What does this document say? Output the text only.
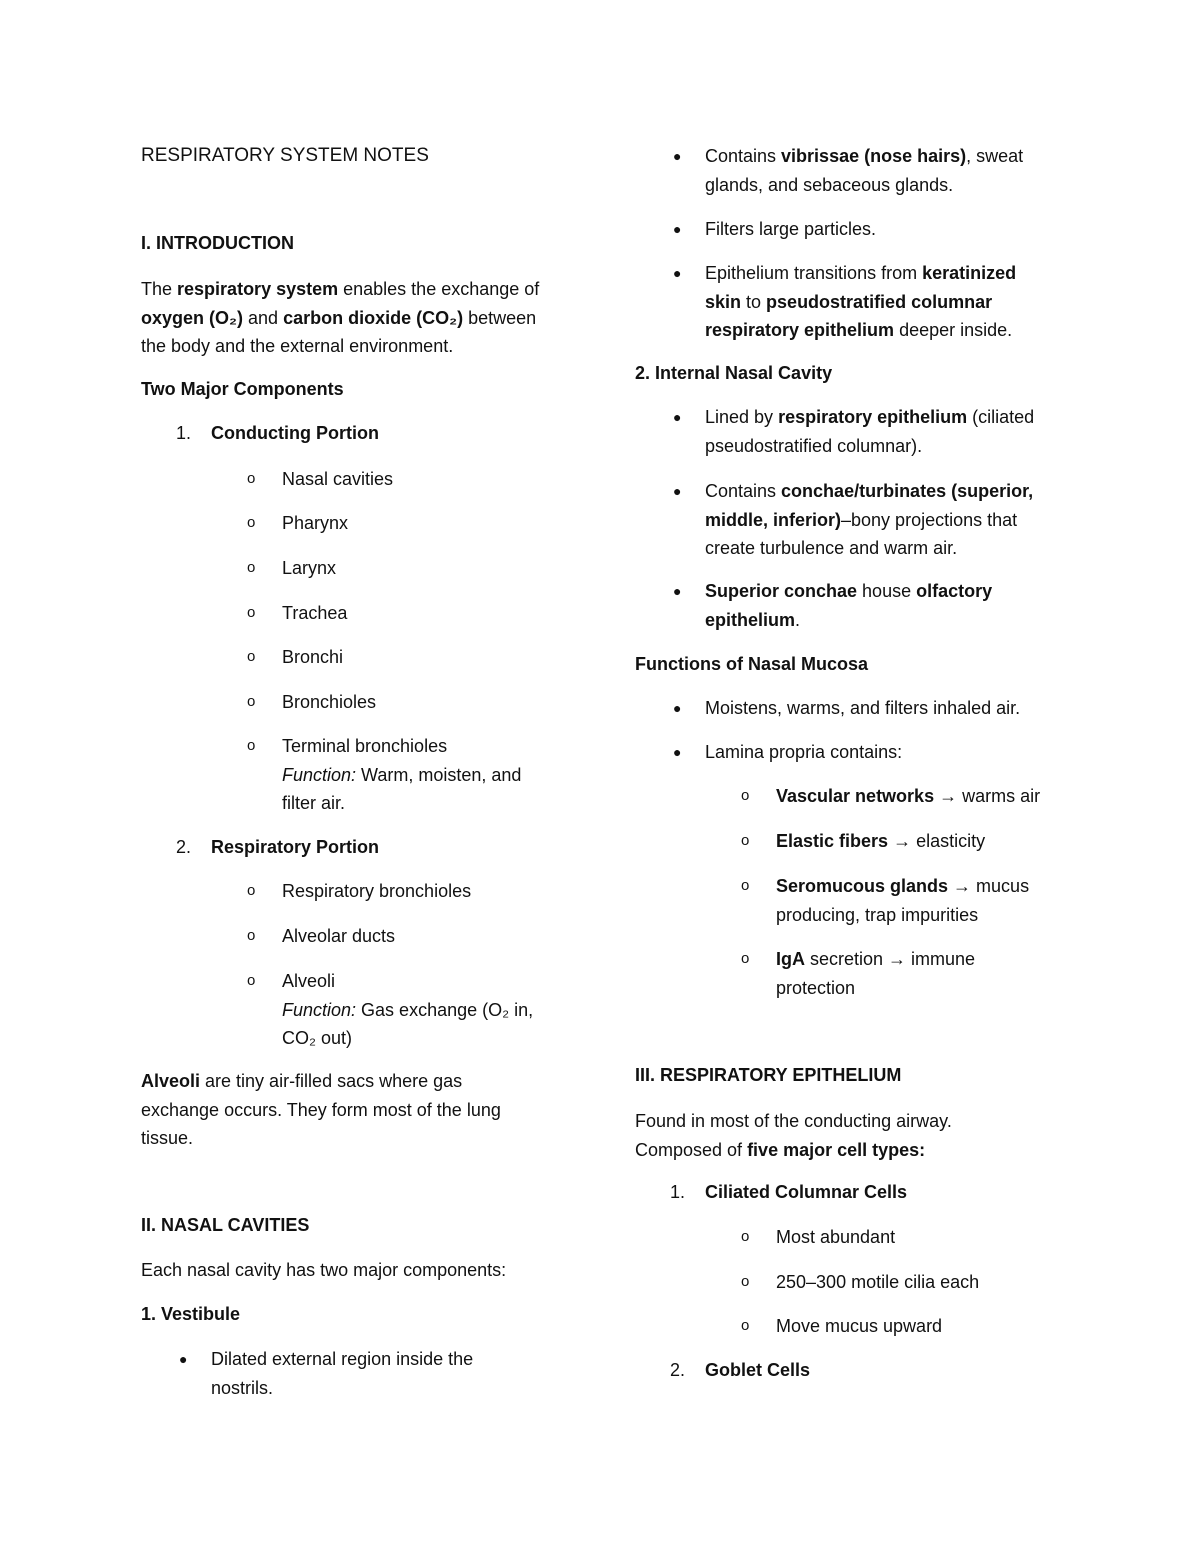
RESPIRATORY SYSTEM NOTES
I. INTRODUCTION
The respiratory system enables the exchange of
oxygen (O₂) and carbon dioxide (CO₂) between
the body and the external environment.
Two Major Components
1.	Conducting Portion
o	Nasal cavities
o	Pharynx
o	Larynx
o	Trachea
o	Bronchi
o	Bronchioles
o	Terminal bronchioles
Function: Warm, moisten, and
filter air.
2.	Respiratory Portion
o	Respiratory bronchioles
o	Alveolar ducts
o	Alveoli
Function: Gas exchange (O₂ in,
CO₂ out)
Alveoli are tiny air-filled sacs where gas
exchange occurs. They form most of the lung
tissue.
II. NASAL CAVITIES
Each nasal cavity has two major components:
1. Vestibule
●	Dilated external region inside the
nostrils.
●	Contains vibrissae (nose hairs), sweat
glands, and sebaceous glands.
●	Filters large particles.
●	Epithelium transitions from keratinized
skin to pseudostratified columnar
respiratory epithelium deeper inside.
2. Internal Nasal Cavity
●	Lined by respiratory epithelium (ciliated
pseudostratified columnar).
●	Contains conchae/turbinates (superior,
middle, inferior)–bony projections that
create turbulence and warm air.
●	Superior conchae house olfactory
epithelium.
Functions of Nasal Mucosa
●	Moistens, warms, and filters inhaled air.
●	Lamina propria contains:
o	Vascular networks → warms air
o	Elastic fibers → elasticity
o	Seromucous glands → mucus
producing, trap impurities
o	IgA secretion → immune
protection
III. RESPIRATORY EPITHELIUM
Found in most of the conducting airway.
Composed of five major cell types:
1.	Ciliated Columnar Cells
o	Most abundant
o	250–300 motile cilia each
o	Move mucus upward
2.	Goblet Cells
